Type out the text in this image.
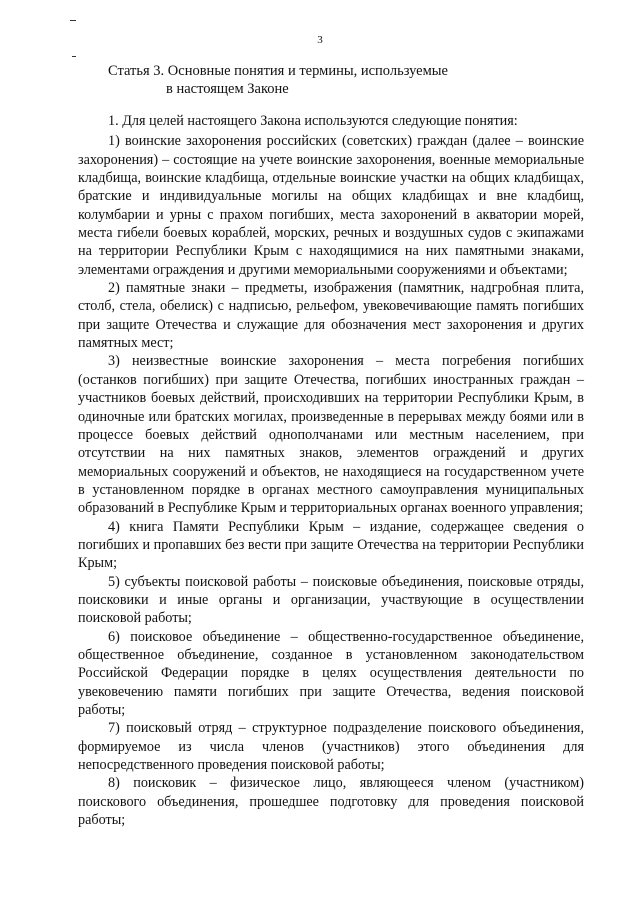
3
Статья 3. Основные понятия и термины, используемые
в настоящем Законе

1. Для целей настоящего Закона используются следующие понятия:

1) воинские захоронения российских (советских) граждан (далее – воинские захоронения) – состоящие на учете воинские захоронения, военные мемориальные кладбища, воинские кладбища, отдельные воинские участки на общих кладбищах, братские и индивидуальные могилы на общих кладбищах и вне кладбищ, колумбарии и урны с прахом погибших, места захоронений в акватории морей, места гибели боевых кораблей, морских, речных и воздушных судов с экипажами на территории Республики Крым с находящимися на них памятными знаками, элементами ограждения и другими мемориальными сооружениями и объектами;

2) памятные знаки – предметы, изображения (памятник, надгробная плита, столб, стела, обелиск) с надписью, рельефом, увековечивающие память погибших при защите Отечества и служащие для обозначения мест захоронения и других памятных мест;

3) неизвестные воинские захоронения – места погребения погибших (останков погибших) при защите Отечества, погибших иностранных граждан – участников боевых действий, происходивших на территории Республики Крым, в одиночные или братских могилах, произведенные в перерывах между боями или в процессе боевых действий однополчанами или местным населением, при отсутствии на них памятных знаков, элементов ограждений и других мемориальных сооружений и объектов, не находящиеся на государственном учете в установленном порядке в органах местного самоуправления муниципальных образований в Республике Крым и территориальных органах военного управления;

4) книга Памяти Республики Крым – издание, содержащее сведения о погибших и пропавших без вести при защите Отечества на территории Республики Крым;

5) субъекты поисковой работы – поисковые объединения, поисковые отряды, поисковики и иные органы и организации, участвующие в осуществлении поисковой работы;

6) поисковое объединение – общественно-государственное объединение, общественное объединение, созданное в установленном законодательством Российской Федерации порядке в целях осуществления деятельности по увековечению памяти погибших при защите Отечества, ведения поисковой работы;

7) поисковый отряд – структурное подразделение поискового объединения, формируемое из числа членов (участников) этого объединения для непосредственного проведения поисковой работы;

8) поисковик – физическое лицо, являющееся членом (участником) поискового объединения, прошедшее подготовку для проведения поисковой работы;
